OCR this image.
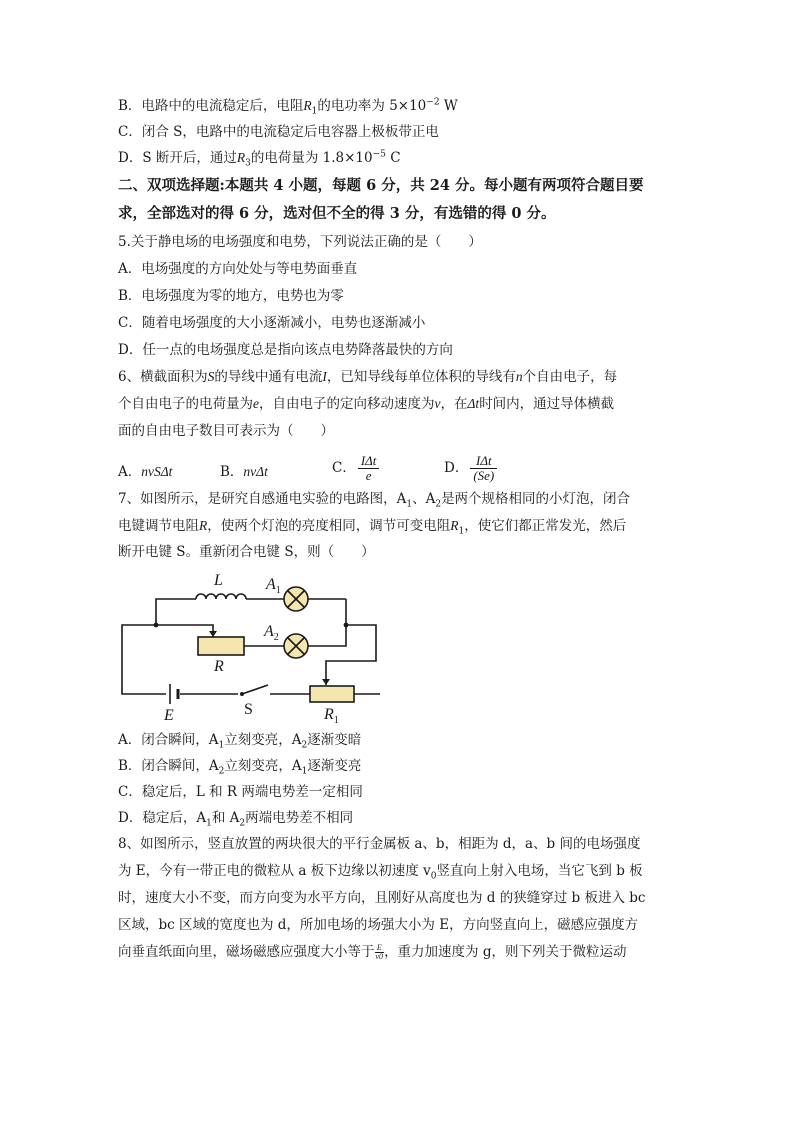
B．电路中的电流稳定后，电阻$R_1$的电功率为 $5\times 10^{-2}$ W
C．闭合 S，电路中的电流稳定后电容器上极板带正电
D．S 断开后，通过$R_3$的电荷量为 $1.8\times 10^{-5}$ C
二、双项选择题:本题共 4 小题，每题 6 分，共 24 分。每小题有两项符合题目要
求，全部选对的得 6 分，选对但不全的得 3 分，有选错的得 0 分。
5.关于静电场的电场强度和电势，下列说法正确的是（　　）
A．电场强度的方向处处与等电势面垂直
B．电场强度为零的地方，电势也为零
C．随着电场强度的大小逐渐减小，电势也逐渐减小
D．任一点的电场强度总是指向该点电势降落最快的方向
6、横截面积为S的导线中通有电流I，已知导线每单位体积的导线有n个自由电子，每
个自由电子的电荷量为e，自由电子的定向移动速度为v，在Δt时间内，通过导体横截
面的自由电子数目可表示为（　　）
A．nvSΔt	B．nvΔt	C． $\frac{\text{IΔt}}{e}$	D． $\frac{\text{IΔt}}{(Se)}$
7、如图所示，是研究自感通电实验的电路图，$A_1$、$A_2$是两个规格相同的小灯泡，闭合
电键调节电阻R，使两个灯泡的亮度相同，调节可变电阻$R_1$，使它们都正常发光，然后
断开电键 S。重新闭合电键 S，则（　　）
L	$A_1$
$A_2$
R
E	$R_1$
S
A．闭合瞬间，$A_1$立刻变亮，$A_2$逐渐变暗
B．闭合瞬间，$A_2$立刻变亮，$A_1$逐渐变亮
C．稳定后，L 和 R 两端电势差一定相同
D．稳定后，$A_1$和 $A_2$两端电势差不相同
8、如图所示，竖直放置的两块很大的平行金属板 a、b，相距为 d，a、b 间的电场强度
为 E，今有一带正电的微粒从 a 板下边缘以初速度 $v_0$竖直向上射入电场，当它飞到 b 板
时，速度大小不变，而方向变为水平方向，且刚好从高度也为 d 的狭缝穿过 b 板进入 bc
区域，bc 区域的宽度也为 d，所加电场的场强大小为 E，方向竖直向上，磁感应强度方
向垂直纸面向里，磁场磁感应强度大小等于 $\frac{E}{v0}$ ，重力加速度为 g，则下列关于微粒运动
